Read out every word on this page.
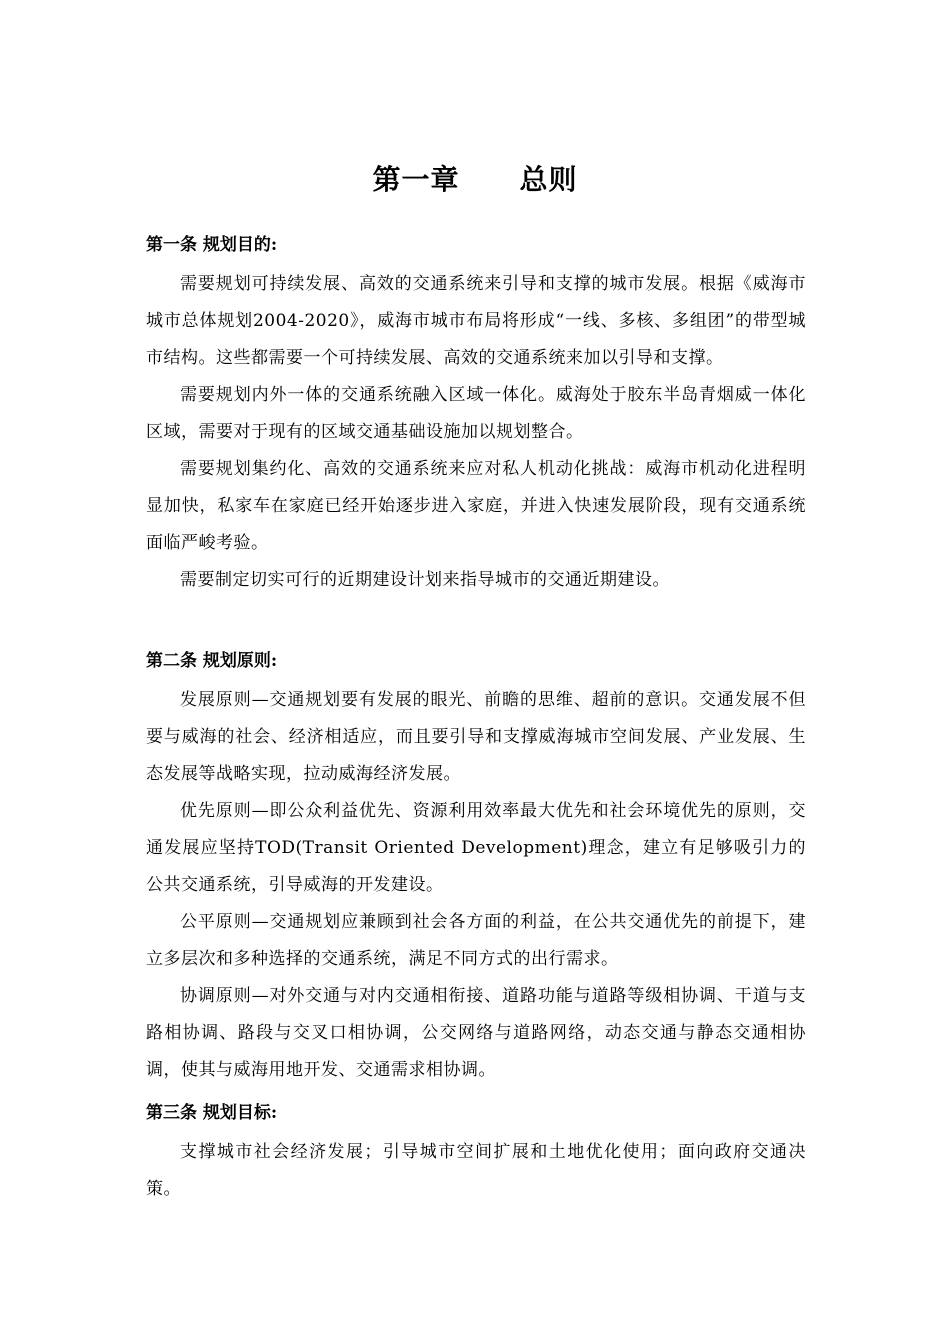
第一章 总则
第一条 规划目的:

需要规划可持续发展、高效的交通系统来引导和支撑的城市发展。根据《威海市城市总体规划2004-2020》，威海市城市布局将形成“一线、多核、多组团”的带型城市结构。这些都需要一个可持续发展、高效的交通系统来加以引导和支撑。

需要规划内外一体的交通系统融入区域一体化。威海处于胶东半岛青烟威一体化区域，需要对于现有的区域交通基础设施加以规划整合。

需要规划集约化、高效的交通系统来应对私人机动化挑战：威海市机动化进程明显加快，私家车在家庭已经开始逐步进入家庭，并进入快速发展阶段，现有交通系统面临严峻考验。

需要制定切实可行的近期建设计划来指导城市的交通近期建设。

第二条 规划原则:

发展原则—交通规划要有发展的眼光、前瞻的思维、超前的意识。交通发展不但要与威海的社会、经济相适应，而且要引导和支撑威海城市空间发展、产业发展、生态发展等战略实现，拉动威海经济发展。

优先原则—即公众利益优先、资源利用效率最大优先和社会环境优先的原则，交通发展应坚持TOD(Transit Oriented Development)理念，建立有足够吸引力的公共交通系统，引导威海的开发建设。

公平原则—交通规划应兼顾到社会各方面的利益，在公共交通优先的前提下，建立多层次和多种选择的交通系统，满足不同方式的出行需求。

协调原则—对外交通与对内交通相衔接、道路功能与道路等级相协调、干道与支路相协调、路段与交叉口相协调，公交网络与道路网络，动态交通与静态交通相协调，使其与威海用地开发、交通需求相协调。

第三条 规划目标:

支撑城市社会经济发展；引导城市空间扩展和土地优化使用；面向政府交通决策。
